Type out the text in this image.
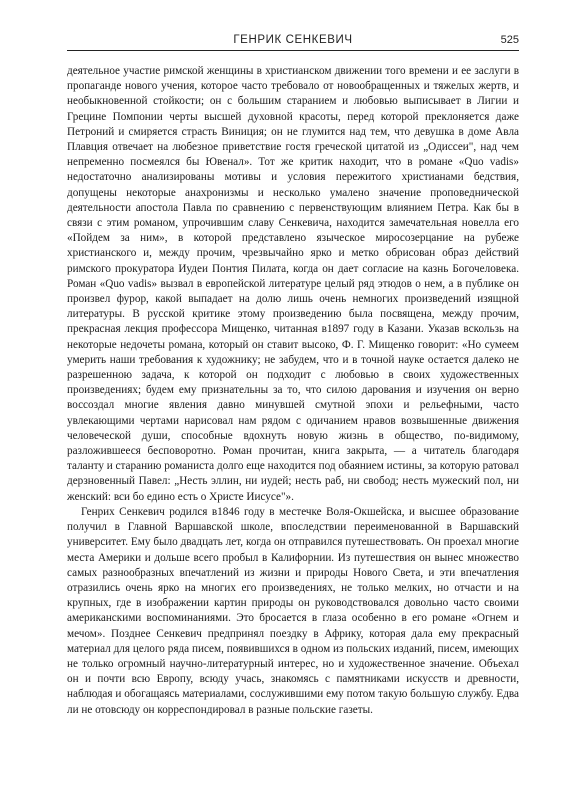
ГЕНРИК СЕНКЕВИЧ	525

деятельное участие римской женщины в христианском движении того времени и ее заслуги в пропаганде нового учения, которое часто требовало от новообращенных и тяжелых жертв, и необыкновенной стойкости; он с большим старанием и любовью выписывает в Лигии и Грецине Помпонии черты высшей духовной красоты, перед которой преклоняется даже Петроний и смиряется страсть Виниция; он не глумится над тем, что девушка в доме Авла Плавция отвечает на любезное приветствие гостя греческой цитатой из „Одиссеи", над чем непременно посмеялся бы Ювенал». Тот же критик находит, что в романе «Quo vadis» недостаточно анализированы мотивы и условия пережитого христианами бедствия, допущены некоторые анахронизмы и несколько умалено значение проповеднической деятельности апостола Павла по сравнению с первенствующим влиянием Петра. Как бы в связи с этим романом, упрочившим славу Сенкевича, находится замечательная новелла его «Пойдем за ним», в которой представлено языческое миросозерцание на рубеже христианского и, между прочим, чрезвычайно ярко и метко обрисован образ действий римского прокуратора Иудеи Понтия Пилата, когда он дает согласие на казнь Богочеловека. Роман «Quo vadis» вызвал в европейской литературе целый ряд этюдов о нем, а в публике он произвел фурор, какой выпадает на долю лишь очень немногих произведений изящной литературы. В русской критике этому произведению была посвящена, между прочим, прекрасная лекция профессора Мищенко, читанная в1897 году в Казани. Указав вскользь на некоторые недочеты романа, который он ставит высоко, Ф. Г. Мищенко говорит: «Но сумеем умерить наши требования к художнику; не забудем, что и в точной науке остается далеко не разрешенною задача, к которой он подходит с любовью в своих художественных произведениях; будем ему признательны за то, что силою дарования и изучения он верно воссоздал многие явления давно минувшей смутной эпохи и рельефными, часто увлекающими чертами нарисовал нам рядом с одичанием нравов возвышенные движения человеческой души, способные вдохнуть новую жизнь в общество, по-видимому, разложившееся бесповоротно. Роман прочитан, книга закрыта, — а читатель благодаря таланту и старанию романиста долго еще находится под обаянием истины, за которую ратовал дерзновенный Павел: „Несть эллин, ни иудей; несть раб, ни свобод; несть мужеский пол, ни женский: вси бо едино есть о Христе Иисусе"».

Генрих Сенкевич родился в1846 году в местечке Воля-Окшейска, и высшее образование получил в Главной Варшавской школе, впоследствии переименованной в Варшавский университет. Ему было двадцать лет, когда он отправился путешествовать. Он проехал многие места Америки и дольше всего пробыл в Калифорнии. Из путешествия он вынес множество самых разнообразных впечатлений из жизни и природы Нового Света, и эти впечатления отразились очень ярко на многих его произведениях, не только мелких, но отчасти и на крупных, где в изображении картин природы он руководствовался довольно часто своими американскими воспоминаниями. Это бросается в глаза особенно в его романе «Огнем и мечом». Позднее Сенкевич предпринял поездку в Африку, которая дала ему прекрасный материал для целого ряда писем, появившихся в одном из польских изданий, писем, имеющих не только огромный научно-литературный интерес, но и художественное значение. Объехал он и почти всю Европу, всюду учась, знакомясь с памятниками искусств и древности, наблюдая и обогащаясь материалами, сослужившими ему потом такую большую службу. Едва ли не отовсюду он корреспондировал в разные польские газеты.
